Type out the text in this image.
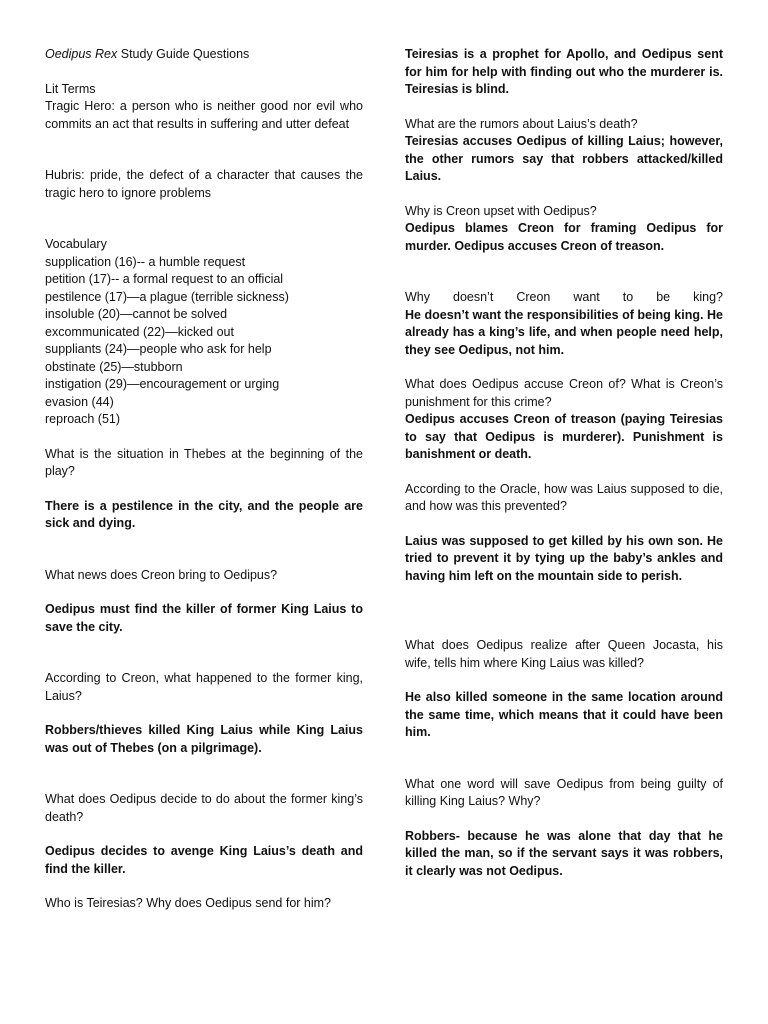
Oedipus Rex Study Guide Questions

Lit Terms

Tragic Hero: a person who is neither good nor evil who commits an act that results in suffering and utter defeat

Hubris: pride, the defect of a character that causes the tragic hero to ignore problems

Vocabulary

supplication (16)-- a humble request
petition (17)-- a formal request to an official
pestilence (17)—a plague (terrible sickness)
insoluble (20)—cannot be solved
excommunicated (22)—kicked out
suppliants (24)—people who ask for help
obstinate (25)—stubborn
instigation (29)—encouragement or urging
evasion (44)
reproach (51)

What is the situation in Thebes at the beginning of the play?

There is a pestilence in the city, and the people are sick and dying.

What news does Creon bring to Oedipus?

Oedipus must find the killer of former King Laius to save the city.

According to Creon, what happened to the former king, Laius?

Robbers/thieves killed King Laius while King Laius was out of Thebes (on a pilgrimage).

What does Oedipus decide to do about the former king’s death?

Oedipus decides to avenge King Laius’s death and find the killer.

Who is Teiresias? Why does Oedipus send for him?

Teiresias is a prophet for Apollo, and Oedipus sent for him for help with finding out who the murderer is. Teiresias is blind.

What are the rumors about Laius’s death?

Teiresias accuses Oedipus of killing Laius; however, the other rumors say that robbers attacked/killed Laius.

Why is Creon upset with Oedipus?

Oedipus blames Creon for framing Oedipus for murder. Oedipus accuses Creon of treason.

Why doesn’t Creon want to be king?

He doesn’t want the responsibilities of being king. He already has a king’s life, and when people need help, they see Oedipus, not him.

What does Oedipus accuse Creon of? What is Creon’s punishment for this crime?

Oedipus accuses Creon of treason (paying Teiresias to say that Oedipus is murderer). Punishment is banishment or death.

According to the Oracle, how was Laius supposed to die, and how was this prevented?

Laius was supposed to get killed by his own son. He tried to prevent it by tying up the baby’s ankles and having him left on the mountain side to perish.

What does Oedipus realize after Queen Jocasta, his wife, tells him where King Laius was killed?

He also killed someone in the same location around the same time, which means that it could have been him.

What one word will save Oedipus from being guilty of killing King Laius? Why?

Robbers- because he was alone that day that he killed the man, so if the servant says it was robbers, it clearly was not Oedipus.
